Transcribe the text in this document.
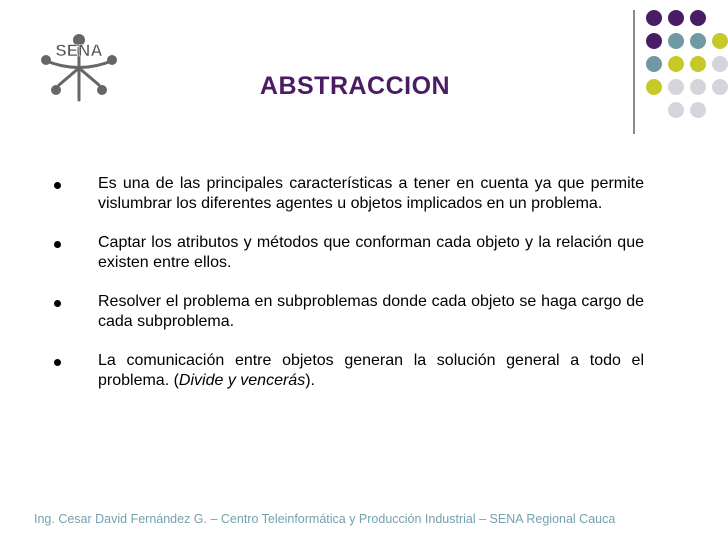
SENA
ABSTRACCION
Es una de las principales características a tener en cuenta ya que permite vislumbrar los diferentes agentes u objetos implicados en un problema.
Captar los atributos y métodos que conforman cada objeto y la relación que existen entre ellos.
Resolver el problema en subproblemas donde cada objeto se haga cargo de cada subproblema.
La comunicación entre objetos generan la solución general a todo el problema. (Divide y vencerás).
Ing. Cesar David Fernández G. – Centro Teleinformática y Producción Industrial – SENA Regional Cauca
